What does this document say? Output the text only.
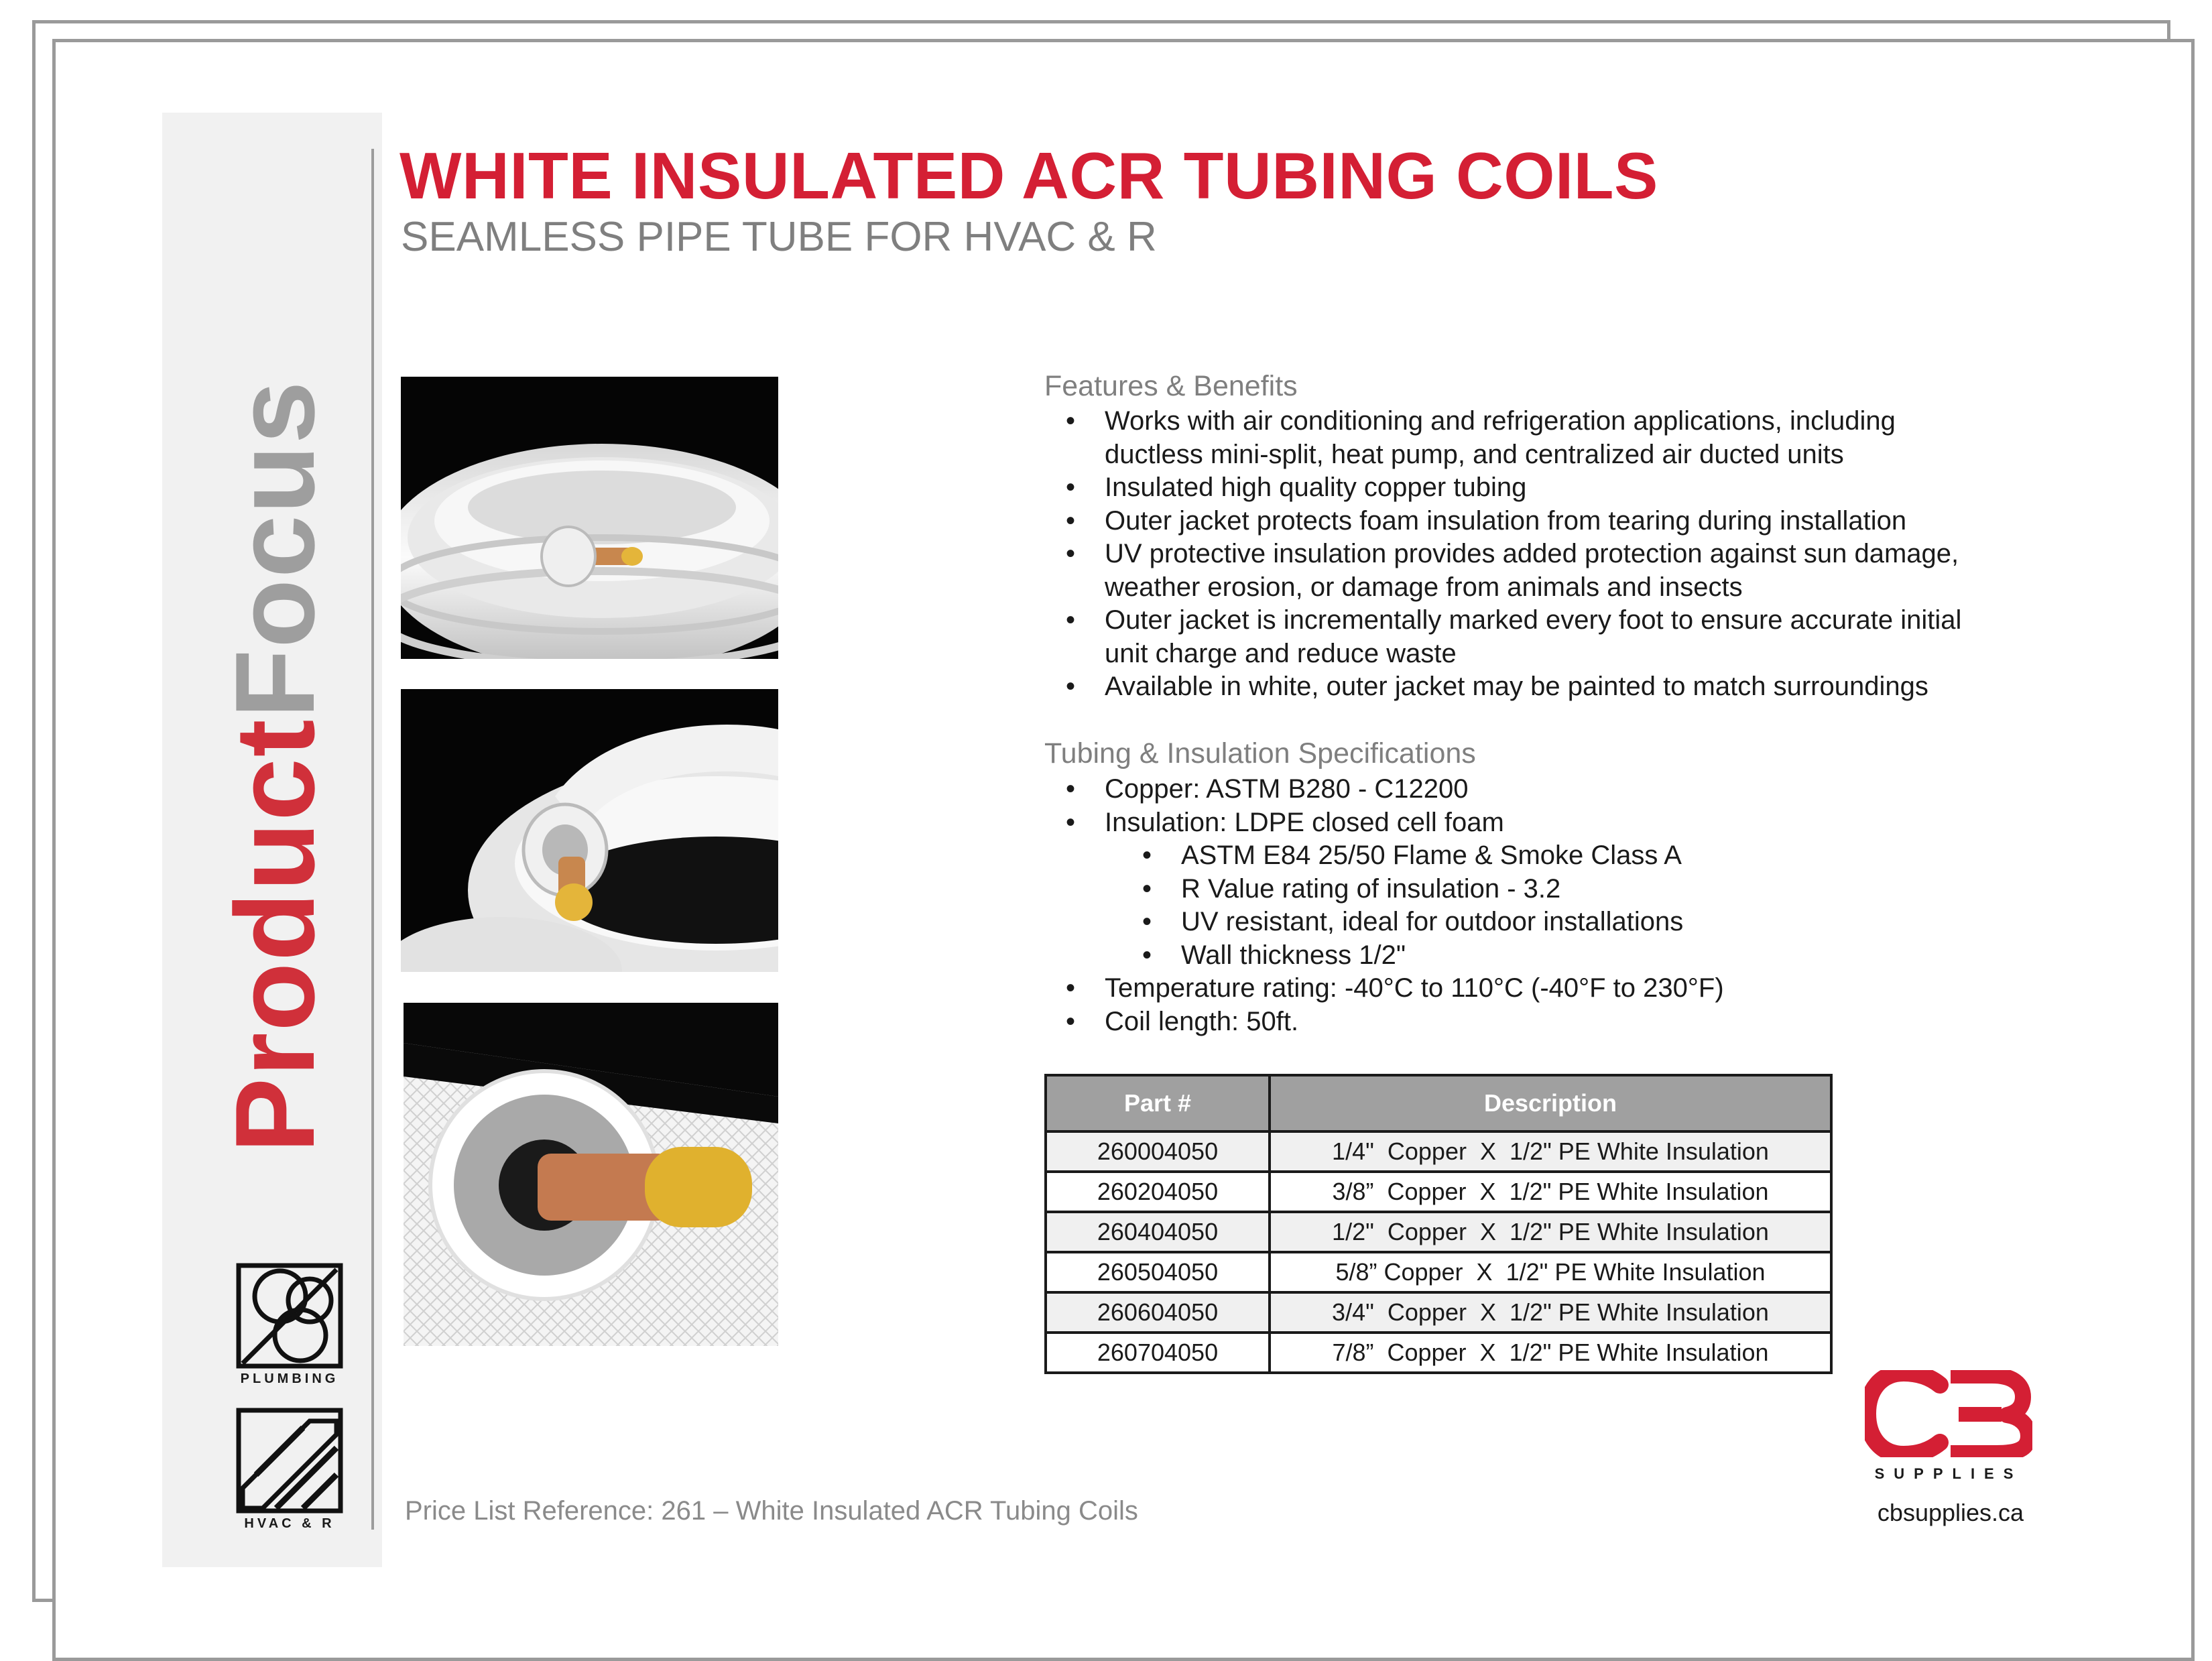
ProductFocus
PLUMBING
HVAC & R
WHITE INSULATED ACR TUBING COILS
SEAMLESS PIPE TUBE FOR HVAC & R
Features & Benefits
• Works with air conditioning and refrigeration applications, including ductless mini-split, heat pump, and centralized air ducted units
• Insulated high quality copper tubing
• Outer jacket protects foam insulation from tearing during installation
• UV protective insulation provides added protection against sun damage, weather erosion, or damage from animals and insects
• Outer jacket is incrementally marked every foot to ensure accurate initial unit charge and reduce waste
• Available in white, outer jacket may be painted to match surroundings
Tubing & Insulation Specifications
• Copper: ASTM B280 - C12200
• Insulation: LDPE closed cell foam
• ASTM E84 25/50 Flame & Smoke Class A
• R Value rating of insulation - 3.2
• UV resistant, ideal for outdoor installations
• Wall thickness 1/2"
• Temperature rating: -40°C to 110°C (-40°F to 230°F)
• Coil length: 50ft.
Part #	Description
260004050	1/4"  Copper  X  1/2" PE White Insulation
260204050	3/8”  Copper  X  1/2" PE White Insulation
260404050	1/2"  Copper  X  1/2" PE White Insulation
260504050	5/8” Copper  X  1/2" PE White Insulation
260604050	3/4"  Copper  X  1/2" PE White Insulation
260704050	7/8”  Copper  X  1/2" PE White Insulation
Price List Reference: 261 – White Insulated ACR Tubing Coils
SUPPLIES
cbsupplies.ca
